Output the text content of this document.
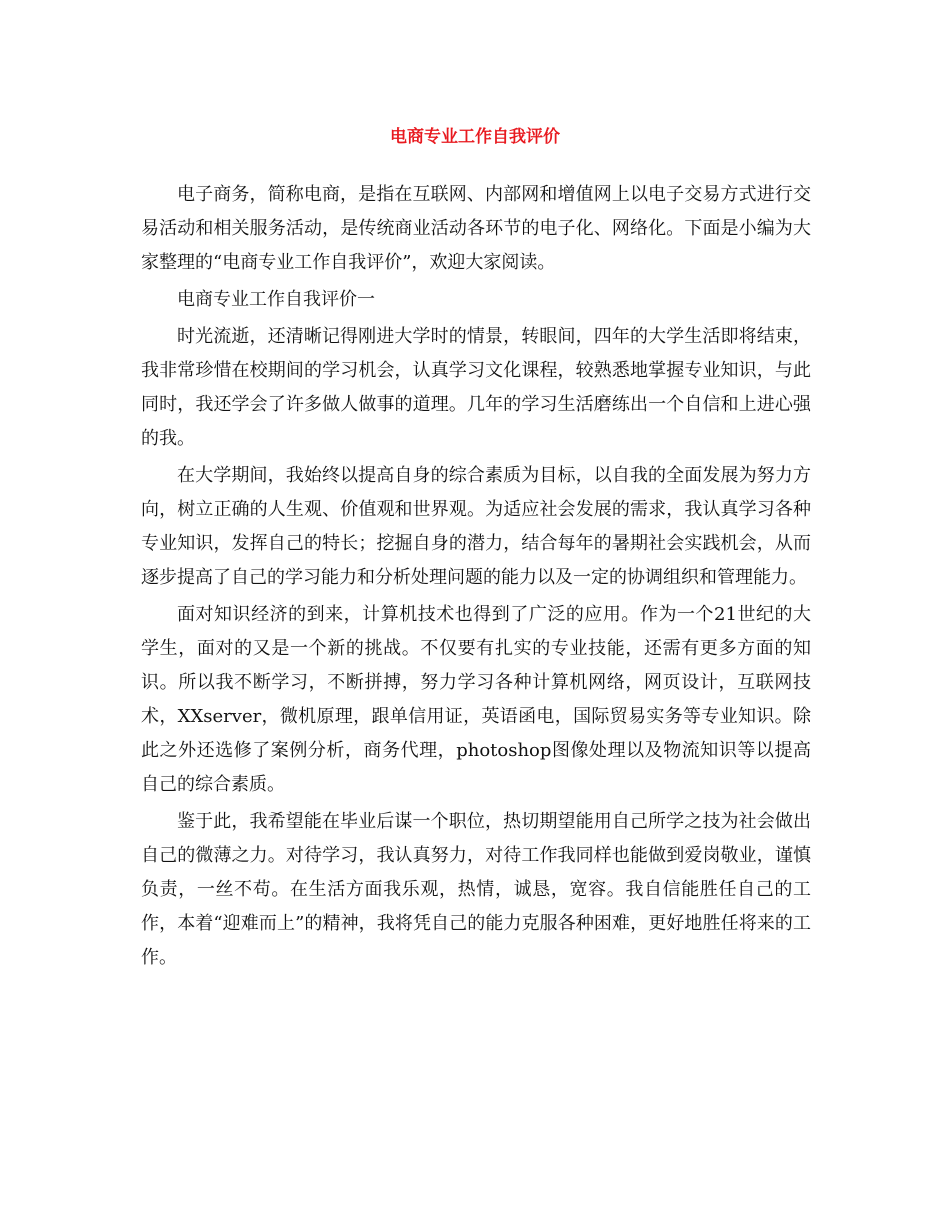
电商专业工作自我评价

电子商务，简称电商，是指在互联网、内部网和增值网上以电子交易方式进行交易活动和相关服务活动，是传统商业活动各环节的电子化、网络化。下面是小编为大家整理的“电商专业工作自我评价”，欢迎大家阅读。

电商专业工作自我评价一

时光流逝，还清晰记得刚进大学时的情景，转眼间，四年的大学生活即将结束，我非常珍惜在校期间的学习机会，认真学习文化课程，较熟悉地掌握专业知识，与此同时，我还学会了许多做人做事的道理。几年的学习生活磨练出一个自信和上进心强的我。

在大学期间，我始终以提高自身的综合素质为目标，以自我的全面发展为努力方向，树立正确的人生观、价值观和世界观。为适应社会发展的需求，我认真学习各种专业知识，发挥自己的特长；挖掘自身的潜力，结合每年的暑期社会实践机会，从而逐步提高了自己的学习能力和分析处理问题的能力以及一定的协调组织和管理能力。

面对知识经济的到来，计算机技术也得到了广泛的应用。作为一个21世纪的大学生，面对的又是一个新的挑战。不仅要有扎实的专业技能，还需有更多方面的知识。所以我不断学习，不断拼搏，努力学习各种计算机网络，网页设计，互联网技术，XXserver，微机原理，跟单信用证，英语函电，国际贸易实务等专业知识。除此之外还选修了案例分析，商务代理，photoshop图像处理以及物流知识等以提高自己的综合素质。

鉴于此，我希望能在毕业后谋一个职位，热切期望能用自己所学之技为社会做出自己的微薄之力。对待学习，我认真努力，对待工作我同样也能做到爱岗敬业，谨慎负责，一丝不苟。在生活方面我乐观，热情，诚恳，宽容。我自信能胜任自己的工作，本着“迎难而上”的精神，我将凭自己的能力克服各种困难，更好地胜任将来的工作。
